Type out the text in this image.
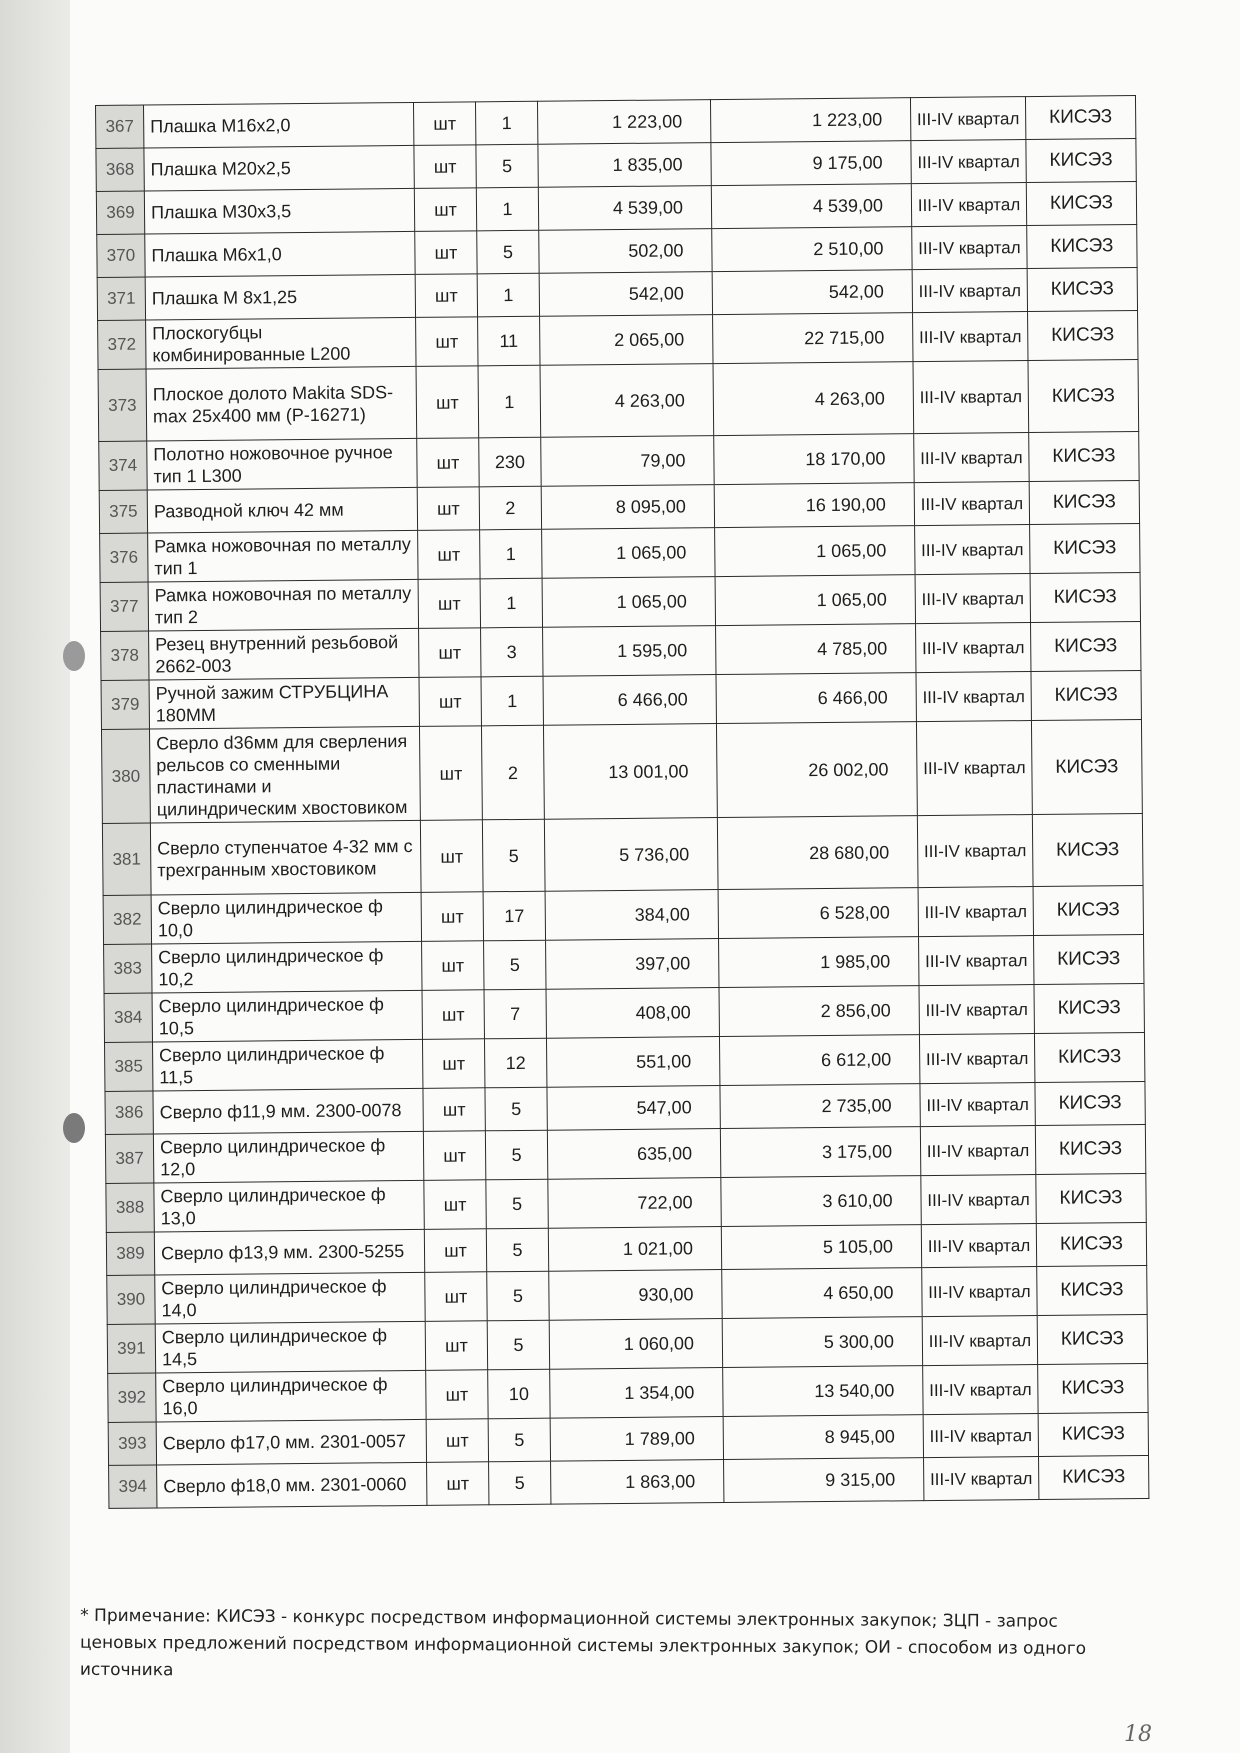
367	Плашка М16х2,0	шт	1	1 223,00	1 223,00	III-IV квартал	КИСЭЗ
368	Плашка М20х2,5	шт	5	1 835,00	9 175,00	III-IV квартал	КИСЭЗ
369	Плашка М30х3,5	шт	1	4 539,00	4 539,00	III-IV квартал	КИСЭЗ
370	Плашка М6х1,0	шт	5	502,00	2 510,00	III-IV квартал	КИСЭЗ
371	Плашка М 8х1,25	шт	1	542,00	542,00	III-IV квартал	КИСЭЗ
372	Плоскогубцы комбинированные L200	шт	11	2 065,00	22 715,00	III-IV квартал	КИСЭЗ
373	Плоское долото Makita SDS-max 25x400 мм (P-16271)	шт	1	4 263,00	4 263,00	III-IV квартал	КИСЭЗ
374	Полотно ножовочное ручное тип 1 L300	шт	230	79,00	18 170,00	III-IV квартал	КИСЭЗ
375	Разводной ключ 42 мм	шт	2	8 095,00	16 190,00	III-IV квартал	КИСЭЗ
376	Рамка ножовочная по металлу тип 1	шт	1	1 065,00	1 065,00	III-IV квартал	КИСЭЗ
377	Рамка ножовочная по металлу тип 2	шт	1	1 065,00	1 065,00	III-IV квартал	КИСЭЗ
378	Резец внутренний резьбовой 2662-003	шт	3	1 595,00	4 785,00	III-IV квартал	КИСЭЗ
379	Ручной зажим СТРУБЦИНА 180ММ	шт	1	6 466,00	6 466,00	III-IV квартал	КИСЭЗ
380	Сверло d36мм для сверления рельсов со сменными пластинами и цилиндрическим хвостовиком	шт	2	13 001,00	26 002,00	III-IV квартал	КИСЭЗ
381	Сверло ступенчатое 4-32 мм с трехгранным хвостовиком	шт	5	5 736,00	28 680,00	III-IV квартал	КИСЭЗ
382	Сверло цилиндрическое ф 10,0	шт	17	384,00	6 528,00	III-IV квартал	КИСЭЗ
383	Сверло цилиндрическое ф 10,2	шт	5	397,00	1 985,00	III-IV квартал	КИСЭЗ
384	Сверло цилиндрическое ф 10,5	шт	7	408,00	2 856,00	III-IV квартал	КИСЭЗ
385	Сверло цилиндрическое ф 11,5	шт	12	551,00	6 612,00	III-IV квартал	КИСЭЗ
386	Сверло ф11,9 мм. 2300-0078	шт	5	547,00	2 735,00	III-IV квартал	КИСЭЗ
387	Сверло цилиндрическое ф 12,0	шт	5	635,00	3 175,00	III-IV квартал	КИСЭЗ
388	Сверло цилиндрическое ф 13,0	шт	5	722,00	3 610,00	III-IV квартал	КИСЭЗ
389	Сверло ф13,9 мм. 2300-5255	шт	5	1 021,00	5 105,00	III-IV квартал	КИСЭЗ
390	Сверло цилиндрическое ф 14,0	шт	5	930,00	4 650,00	III-IV квартал	КИСЭЗ
391	Сверло цилиндрическое ф 14,5	шт	5	1 060,00	5 300,00	III-IV квартал	КИСЭЗ
392	Сверло цилиндрическое ф 16,0	шт	10	1 354,00	13 540,00	III-IV квартал	КИСЭЗ
393	Сверло ф17,0 мм. 2301-0057	шт	5	1 789,00	8 945,00	III-IV квартал	КИСЭЗ
394	Сверло ф18,0 мм. 2301-0060	шт	5	1 863,00	9 315,00	III-IV квартал	КИСЭЗ
* Примечание: КИСЭЗ - конкурс посредством информационной системы электронных закупок; ЗЦП - запрос ценовых предложений посредством информационной системы электронных закупок; ОИ - способом из одного источника
18
